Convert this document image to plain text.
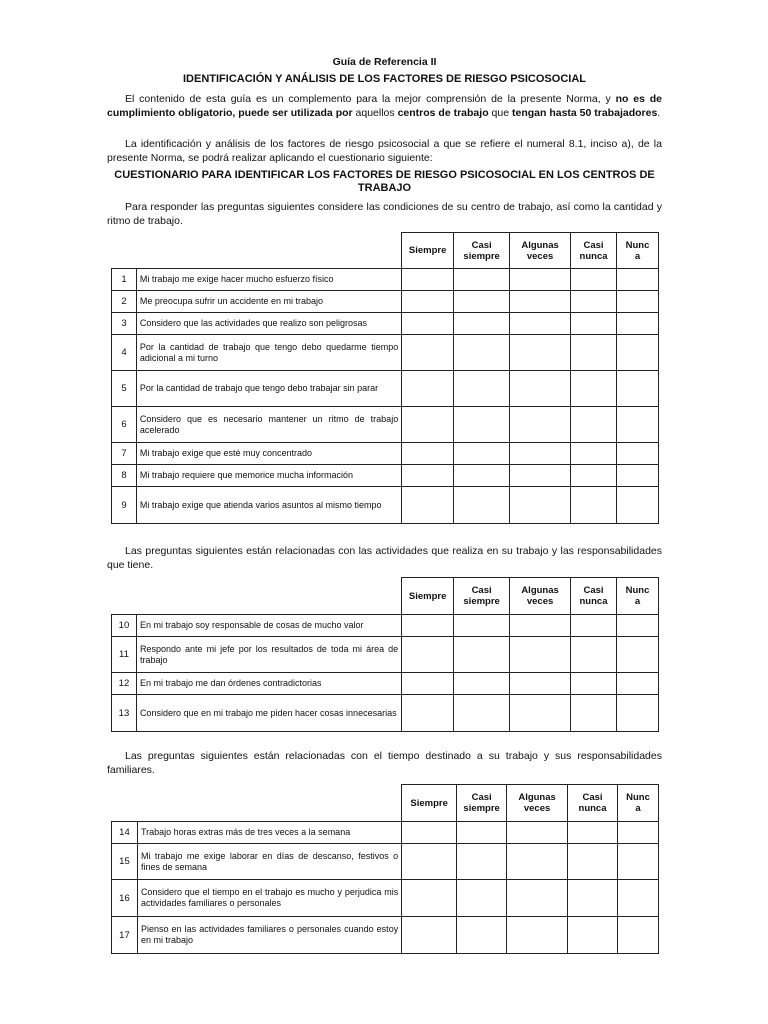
Guía de Referencia II
IDENTIFICACIÓN Y ANÁLISIS DE LOS FACTORES DE RIESGO PSICOSOCIAL
El contenido de esta guía es un complemento para la mejor comprensión de la presente Norma, y no es de cumplimiento obligatorio, puede ser utilizada por aquellos centros de trabajo que tengan hasta 50 trabajadores.
La identificación y análisis de los factores de riesgo psicosocial a que se refiere el numeral 8.1, inciso a), de la presente Norma, se podrá realizar aplicando el cuestionario siguiente:
CUESTIONARIO PARA IDENTIFICAR LOS FACTORES DE RIESGO PSICOSOCIAL EN LOS CENTROS DE TRABAJO
Para responder las preguntas siguientes considere las condiciones de su centro de trabajo, así como la cantidad y ritmo de trabajo.
		Siempre	Casi siempre	Algunas veces	Casi nunca	Nunca
1	Mi trabajo me exige hacer mucho esfuerzo físico					
2	Me preocupa sufrir un accidente en mi trabajo					
3	Considero que las actividades que realizo son peligrosas					
4	Por la cantidad de trabajo que tengo debo quedarme tiempo adicional a mi turno					
5	Por la cantidad de trabajo que tengo debo trabajar sin parar					
6	Considero que es necesario mantener un ritmo de trabajo acelerado					
7	Mi trabajo exige que esté muy concentrado					
8	Mi trabajo requiere que memorice mucha información					
9	Mi trabajo exige que atienda varios asuntos al mismo tiempo					
Las preguntas siguientes están relacionadas con las actividades que realiza en su trabajo y las responsabilidades que tiene.
		Siempre	Casi siempre	Algunas veces	Casi nunca	Nunca
10	En mi trabajo soy responsable de cosas de mucho valor					
11	Respondo ante mi jefe por los resultados de toda mi área de trabajo					
12	En mi trabajo me dan órdenes contradictorias					
13	Considero que en mi trabajo me piden hacer cosas innecesarias					
Las preguntas siguientes están relacionadas con el tiempo destinado a su trabajo y sus responsabilidades familiares.
		Siempre	Casi siempre	Algunas veces	Casi nunca	Nunca
14	Trabajo horas extras más de tres veces a la semana					
15	Mi trabajo me exige laborar en días de descanso, festivos o fines de semana					
16	Considero que el tiempo en el trabajo es mucho y perjudica mis actividades familiares o personales					
17	Pienso en las actividades familiares o personales cuando estoy en mi trabajo					
